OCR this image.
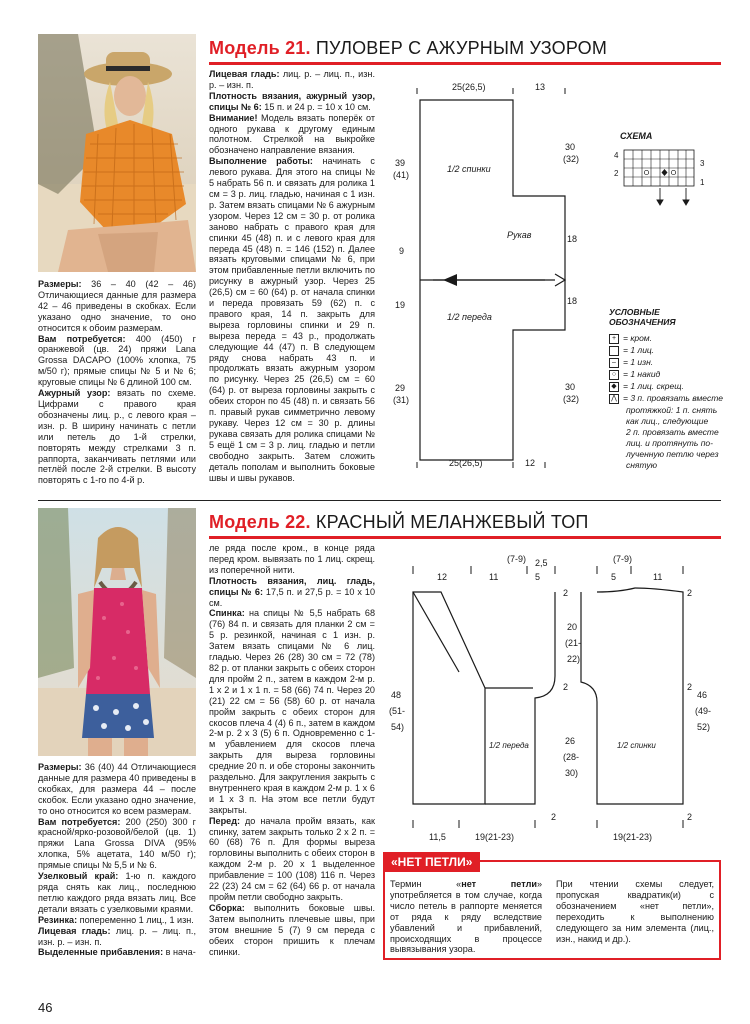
Модель 21. ПУЛОВЕР С АЖУРНЫМ УЗОРОМ

Размеры: 36 – 40 (42 – 46) Отличающиеся данные для размера 42 – 46 приведены в скобках. Если указано одно значение, то оно относится к обоим размерам.

Вам потребуется: 400 (450) г оранжевой (цв. 24) пряжи Lana Grossa DACAPO (100% хлопка, 75 м/50 г); прямые спицы № 5 и № 6; круговые спицы № 6 длиной 100 см.

Ажурный узор: вязать по схеме. Цифрами с правого края обозначены лиц. р., с левого края – изн. р. В ширину начинать с петли или петель до 1-й стрелки, повторять между стрелками 3 п. раппорта, заканчивать петлями или петлёй после 2-й стрелки. В высоту повторять с 1-го по 4-й р.

Лицевая гладь: лиц. р. – лиц. п., изн. р. – изн. п.

Плотность вязания, ажурный узор, спицы № 6: 15 п. и 24 р. = 10 х 10 см.

Внимание! Модель вязать поперёк от одного рукава к другому единым полотном. Стрелкой на выкройке обозначено направление вязания.

Выполнение работы: начинать с левого рукава. Для этого на спицы № 5 набрать 56 п. и связать для ролика 1 см = 3 р. лиц. гладью, начиная с 1 изн. р. Затем вязать спицами № 6 ажурным узором. Через 12 см = 30 р. от ролика заново набрать с правого края для спинки 45 (48) п. и с левого края для переда 45 (48) п. = 146 (152) п. Далее вязать круговыми спицами № 6, при этом прибавленные петли включить по рисунку в ажурный узор. Через 25 (26,5) см = 60 (64) р. от начала спинки и переда провязать 59 (62) п. с правого края, 14 п. закрыть для выреза горловины спинки и 29 п. выреза переда = 43 р., продолжать следующие 44 (47) п. В следующем ряду снова набрать 43 п. и продолжать вязать ажурным узором по рисунку. Через 25 (26,5) см = 60 (64) р. от выреза горловины закрыть с обеих сторон по 45 (48) п. и связать 56 п. правый рукав симметрично левому рукаву. Через 12 см = 30 р. длины рукава связать для ролика спицами № 5 ещё 1 см = 3 р. лиц. гладью и петли свободно закрыть. Затем сложить деталь пополам и выполнить боковые швы и швы рукавов.

25(26,5)	13
1/2 спинки
1/2 переда
Рукав
39
(41)
9
19
29
(31)
30
(32)
18
18
30
(32)
25(26,5)	12
СХЕМА
4
2
3
1
УСЛОВНЫЕ
ОБОЗНАЧЕНИЯ
+ = кром.
= 1 лиц.
– = 1 изн.
○ = 1 накид
◆ = 1 лиц. скрещ.
⋀ = 3 п. провязать вместе
протяжкой: 1 п. снять
как лиц., следующие
2 п. провязать вместе
лиц. и протянуть по-
лученную петлю через
снятую
Модель 22. КРАСНЫЙ МЕЛАНЖЕВЫЙ ТОП

Размеры: 36 (40) 44 Отличающиеся данные для размера 40 приведены в скобках, для размера 44 – после скобок. Если указано одно значение, то оно относится ко всем размерам.

Вам потребуется: 200 (250) 300 г красной/ярко-розовой/белой (цв. 1) пряжи Lana Grossa DIVA (95% хлопка, 5% ацетата, 140 м/50 г); прямые спицы № 5,5 и № 6.

Узелковый край: 1-ю п. каждого ряда снять как лиц., последнюю петлю каждого ряда вязать лиц. Все детали вязать с узелковыми краями.

Резинка: попеременно 1 лиц., 1 изн.

Лицевая гладь: лиц. р. – лиц. п., изн. р. – изн. п.

Выделенные прибавления: в нача-

ле ряда после кром., в конце ряда перед кром. вывязать по 1 лиц. скрещ. из поперечной нити.

Плотность вязания, лиц. гладь, спицы № 6: 17,5 п. и 27,5 р. = 10 х 10 см.

Спинка: на спицы № 5,5 набрать 68 (76) 84 п. и связать для планки 2 см = 5 р. резинкой, начиная с 1 изн. р. Затем вязать спицами № 6 лиц. гладью. Через 26 (28) 30 см = 72 (78) 82 р. от планки закрыть с обеих сторон для пройм 2 п., затем в каждом 2-м р. 1 х 2 и 1 х 1 п. = 58 (66) 74 п. Через 20 (21) 22 см = 56 (58) 60 р. от начала пройм закрыть с обеих сторон для скосов плеча 4 (4) 6 п., затем в каждом 2-м р. 2 х 3 (5) 6 п. Одновременно с 1-м убавлением для скосов плеча закрыть для выреза горловины средние 20 п. и обе стороны закончить раздельно. Для закругления закрыть с внутреннего края в каждом 2-м р. 1 х 6 и 1 х 3 п. На этом все петли будут закрыты.

Перед: до начала пройм вязать, как спинку, затем закрыть только 2 х 2 п. = 60 (68) 76 п. Для формы выреза горловины выполнить с обеих сторон в каждом 2-м р. 20 х 1 выделенное прибавление = 100 (108) 116 п. Через 22 (23) 24 см = 62 (64) 66 р. от начала пройм петли свободно закрыть.

Сборка: выполнить боковые швы. Затем выполнить плечевые швы, при этом внешние 5 (7) 9 см переда с обеих сторон пришить к плечам спинки.

12	11	5
(7-9) 2,5	(7-9)
5	11
2	2
2	2
2	2
48
(51-
54)
20
(21-
22)
26
(28-
30)
46
(49-
52)
1/2 переда	1/2 спинки
11,5	19(21-23)	19(21-23)
«НЕТ ПЕТЛИ»
Термин «нет петли» употребляется в том случае, когда число петель в раппорте меняется от ряда к ряду вследствие убавлений и прибавлений, происходящих в процессе вывязывания узора.
При чтении схемы следует, пропуская квадратик(и) с обозначением «нет петли», переходить к выполнению следующего за ним элемента (лиц., изн., накид и др.).
46
